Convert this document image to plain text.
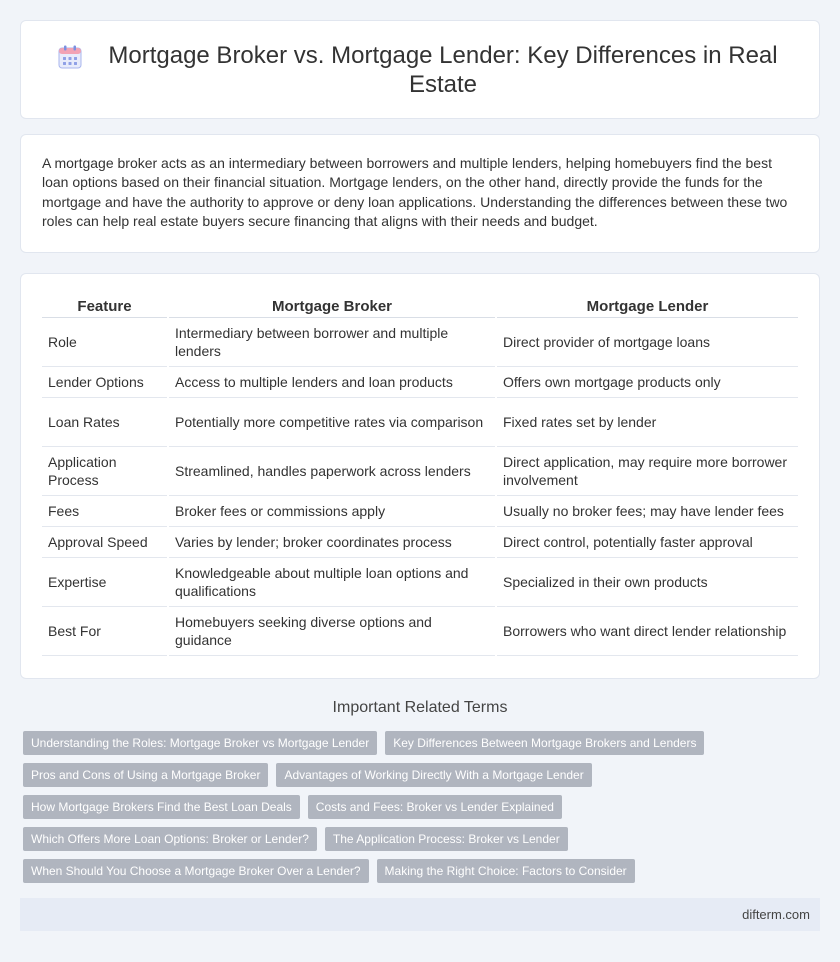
Mortgage Broker vs. Mortgage Lender: Key Differences in Real Estate

A mortgage broker acts as an intermediary between borrowers and multiple lenders, helping homebuyers find the best loan options based on their financial situation. Mortgage lenders, on the other hand, directly provide the funds for the mortgage and have the authority to approve or deny loan applications. Understanding the differences between these two roles can help real estate buyers secure financing that aligns with their needs and budget.

Feature	Mortgage Broker	Mortgage Lender
Role	Intermediary between borrower and multiple lenders	Direct provider of mortgage loans
Lender Options	Access to multiple lenders and loan products	Offers own mortgage products only
Loan Rates	Potentially more competitive rates via comparison	Fixed rates set by lender
Application Process	Streamlined, handles paperwork across lenders	Direct application, may require more borrower involvement
Fees	Broker fees or commissions apply	Usually no broker fees; may have lender fees
Approval Speed	Varies by lender; broker coordinates process	Direct control, potentially faster approval
Expertise	Knowledgeable about multiple loan options and qualifications	Specialized in their own products
Best For	Homebuyers seeking diverse options and guidance	Borrowers who want direct lender relationship
Important Related Terms
Understanding the Roles: Mortgage Broker vs Mortgage Lender	Key Differences Between Mortgage Brokers and Lenders
Pros and Cons of Using a Mortgage Broker	Advantages of Working Directly With a Mortgage Lender
How Mortgage Brokers Find the Best Loan Deals	Costs and Fees: Broker vs Lender Explained
Which Offers More Loan Options: Broker or Lender?	The Application Process: Broker vs Lender
When Should You Choose a Mortgage Broker Over a Lender?	Making the Right Choice: Factors to Consider
difterm.com
